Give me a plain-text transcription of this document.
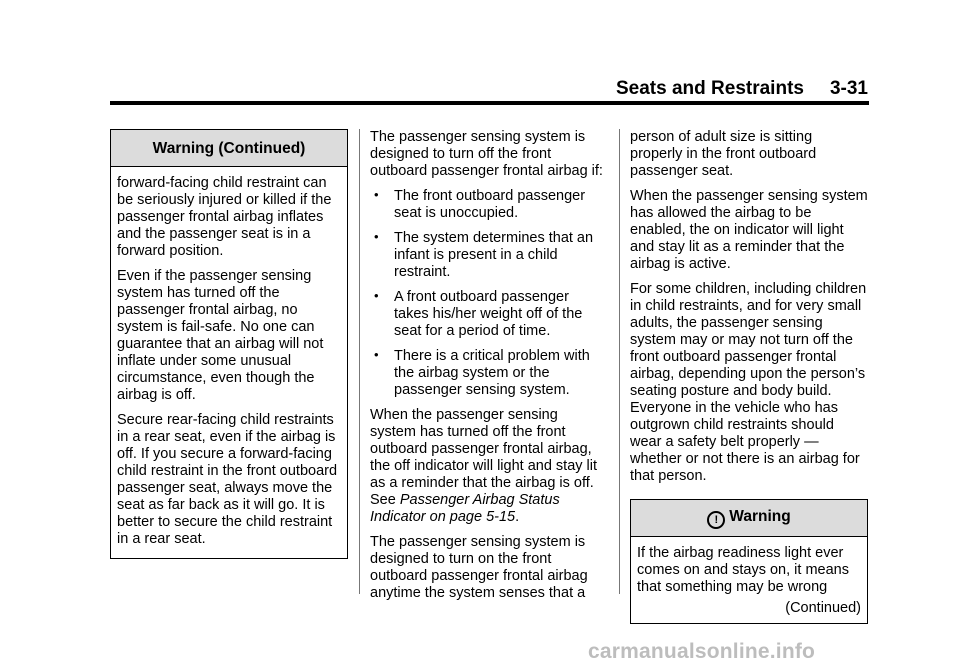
Seats and Restraints 3-31
Warning (Continued)

forward-facing child restraint can be seriously injured or killed if the passenger frontal airbag inflates and the passenger seat is in a forward position.

Even if the passenger sensing system has turned off the passenger frontal airbag, no system is fail-safe. No one can guarantee that an airbag will not inflate under some unusual circumstance, even though the airbag is off.

Secure rear-facing child restraints in a rear seat, even if the airbag is off. If you secure a forward-facing child restraint in the front outboard passenger seat, always move the seat as far back as it will go. It is better to secure the child restraint in a rear seat.

The passenger sensing system is designed to turn off the front outboard passenger frontal airbag if:

• The front outboard passenger seat is unoccupied.
• The system determines that an infant is present in a child restraint.
• A front outboard passenger takes his/her weight off of the seat for a period of time.
• There is a critical problem with the airbag system or the passenger sensing system.

When the passenger sensing system has turned off the front outboard passenger frontal airbag, the off indicator will light and stay lit as a reminder that the airbag is off. See Passenger Airbag Status Indicator on page 5-15.

The passenger sensing system is designed to turn on the front outboard passenger frontal airbag anytime the system senses that a

person of adult size is sitting properly in the front outboard passenger seat.

When the passenger sensing system has allowed the airbag to be enabled, the on indicator will light and stay lit as a reminder that the airbag is active.

For some children, including children in child restraints, and for very small adults, the passenger sensing system may or may not turn off the front outboard passenger frontal airbag, depending upon the person’s seating posture and body build. Everyone in the vehicle who has outgrown child restraints should wear a safety belt properly — whether or not there is an airbag for that person.

! Warning

If the airbag readiness light ever comes on and stays on, it means that something may be wrong

(Continued)
carmanualsonline.info
